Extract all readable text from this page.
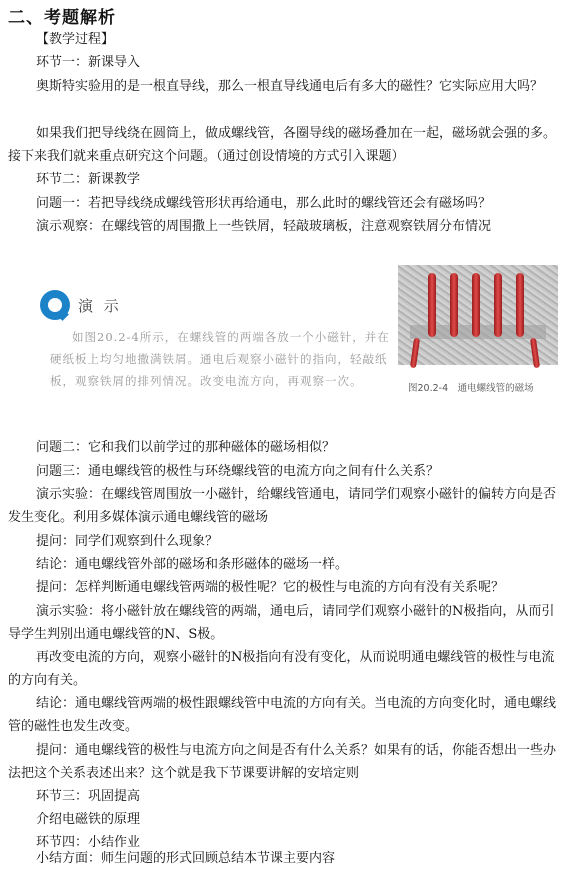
二、考题解析
【教学过程】
环节一：新课导入
奥斯特实验用的是一根直导线，那么一根直导线通电后有多大的磁性？它实际应用大吗？
如果我们把导线绕在圆筒上，做成螺线管，各圈导线的磁场叠加在一起，磁场就会强的多。接下来我们就来重点研究这个问题。（通过创设情境的方式引入课题）
环节二：新课教学
问题一：若把导线绕成螺线管形状再给通电，那么此时的螺线管还会有磁场吗？
演示观察：在螺线管的周围撒上一些铁屑，轻敲玻璃板，注意观察铁屑分布情况
演 示
如图20.2-4所示，在螺线管的两端各放一个小磁针，并在硬纸板上均匀地撒满铁屑。通电后观察小磁针的指向，轻敲纸板，观察铁屑的排列情况。改变电流方向，再观察一次。
图20.2-4　通电螺线管的磁场
问题二：它和我们以前学过的那种磁体的磁场相似？
问题三：通电螺线管的极性与环绕螺线管的电流方向之间有什么关系？
演示实验：在螺线管周围放一小磁针，给螺线管通电，请同学们观察小磁针的偏转方向是否发生变化。利用多媒体演示通电螺线管的磁场
提问：同学们观察到什么现象？
结论：通电螺线管外部的磁场和条形磁体的磁场一样。
提问：怎样判断通电螺线管两端的极性呢？它的极性与电流的方向有没有关系呢？
演示实验：将小磁针放在螺线管的两端，通电后，请同学们观察小磁针的N极指向，从而引导学生判别出通电螺线管的N、S极。
再改变电流的方向，观察小磁针的N极指向有没有变化，从而说明通电螺线管的极性与电流的方向有关。
结论：通电螺线管两端的极性跟螺线管中电流的方向有关。当电流的方向变化时，通电螺线管的磁性也发生改变。
提问：通电螺线管的极性与电流方向之间是否有什么关系？如果有的话，你能否想出一些办法把这个关系表述出来？这个就是我下节课要讲解的安培定则
环节三：巩固提高
介绍电磁铁的原理
环节四：小结作业
小结方面：师生问题的形式回顾总结本节课主要内容
